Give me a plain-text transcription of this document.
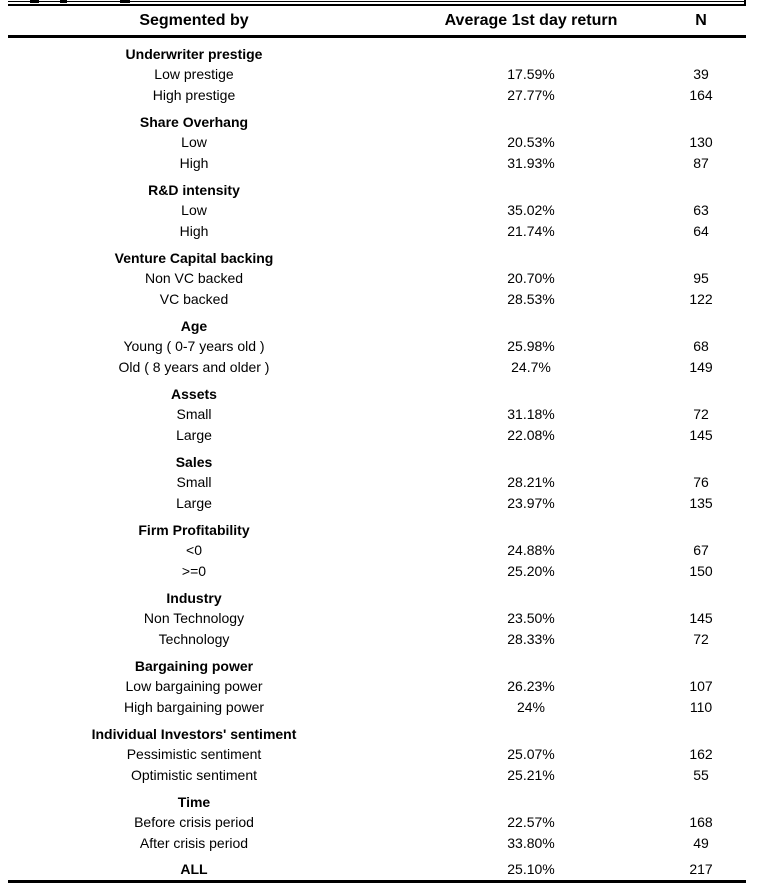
Segmented by	Average 1st day return	N	
Underwriter prestige			
Low prestige	17.59%	39	
High prestige	27.77%	164	
Share Overhang			
Low	20.53%	130	
High	31.93%	87	
R&D intensity			
Low	35.02%	63	
High	21.74%	64	
Venture Capital backing			
Non VC backed	20.70%	95	
VC backed	28.53%	122	
Age			
Young ( 0-7 years old )	25.98%	68	
Old ( 8 years and older )	24.7%	149	
Assets			
Small	31.18%	72	
Large	22.08%	145	
Sales			
Small	28.21%	76	
Large	23.97%	135	
Firm Profitability			
<0	24.88%	67	
>=0	25.20%	150	
Industry			
Non Technology	23.50%	145	
Technology	28.33%	72	
Bargaining power			
Low bargaining power	26.23%	107	
High bargaining power	24%	110	
Individual Investors' sentiment			
Pessimistic sentiment	25.07%	162	
Optimistic sentiment	25.21%	55	
Time			
Before crisis period	22.57%	168	
After crisis period	33.80%	49	
ALL	25.10%	217	
